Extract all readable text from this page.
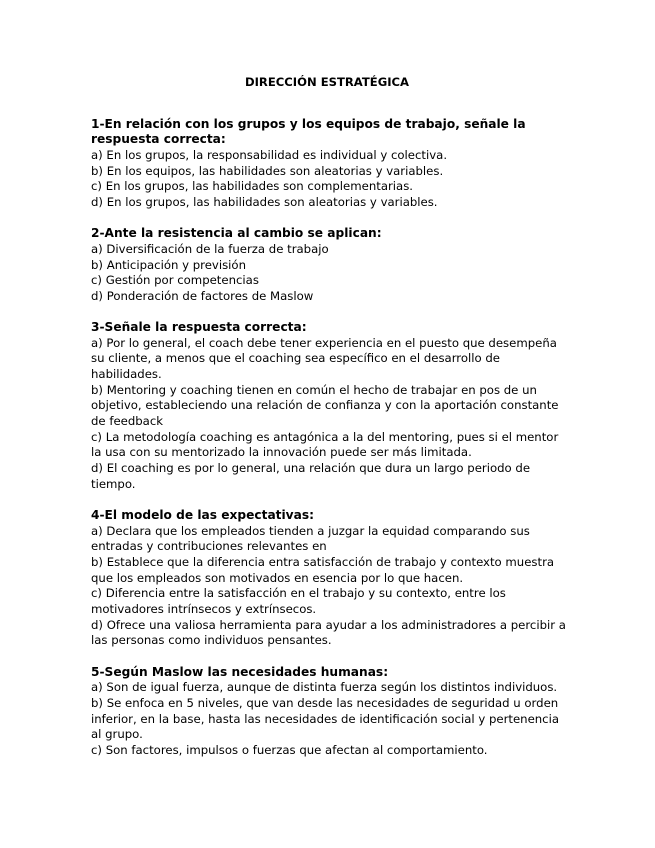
DIRECCIÓN ESTRATÉGICA

1-En relación con los grupos y los equipos de trabajo, señale la respuesta correcta:

a) En los grupos, la responsabilidad es individual y colectiva.

b) En los equipos, las habilidades son aleatorias y variables.

c) En los grupos, las habilidades son complementarias.

d) En los grupos, las habilidades son aleatorias y variables.

2-Ante la resistencia al cambio se aplican:

a) Diversificación de la fuerza de trabajo

b) Anticipación y previsión

c) Gestión por competencias

d) Ponderación de factores de Maslow

3-Señale la respuesta correcta:

a) Por lo general, el coach debe tener experiencia en el puesto que desempeña su cliente, a menos que el coaching sea específico en el desarrollo de habilidades.

b) Mentoring y coaching tienen en común el hecho de trabajar en pos de un objetivo, estableciendo una relación de confianza y con la aportación constante de feedback

c) La metodología coaching es antagónica a la del mentoring, pues si el mentor la usa con su mentorizado la innovación puede ser más limitada.

d) El coaching es por lo general, una relación que dura un largo periodo de tiempo.

4-El modelo de las expectativas:

a) Declara que los empleados tienden a juzgar la equidad comparando sus entradas y contribuciones relevantes en

b) Establece que la diferencia entra satisfacción de trabajo y contexto muestra que los empleados son motivados en esencia por lo que hacen.

c) Diferencia entre la satisfacción en el trabajo y su contexto, entre los motivadores intrínsecos y extrínsecos.

d) Ofrece una valiosa herramienta para ayudar a los administradores a percibir a las personas como individuos pensantes.

5-Según Maslow las necesidades humanas:

a) Son de igual fuerza, aunque de distinta fuerza según los distintos individuos.

b) Se enfoca en 5 niveles, que van desde las necesidades de seguridad u orden inferior, en la base, hasta las necesidades de identificación social y pertenencia al grupo.

c) Son factores, impulsos o fuerzas que afectan al comportamiento.
